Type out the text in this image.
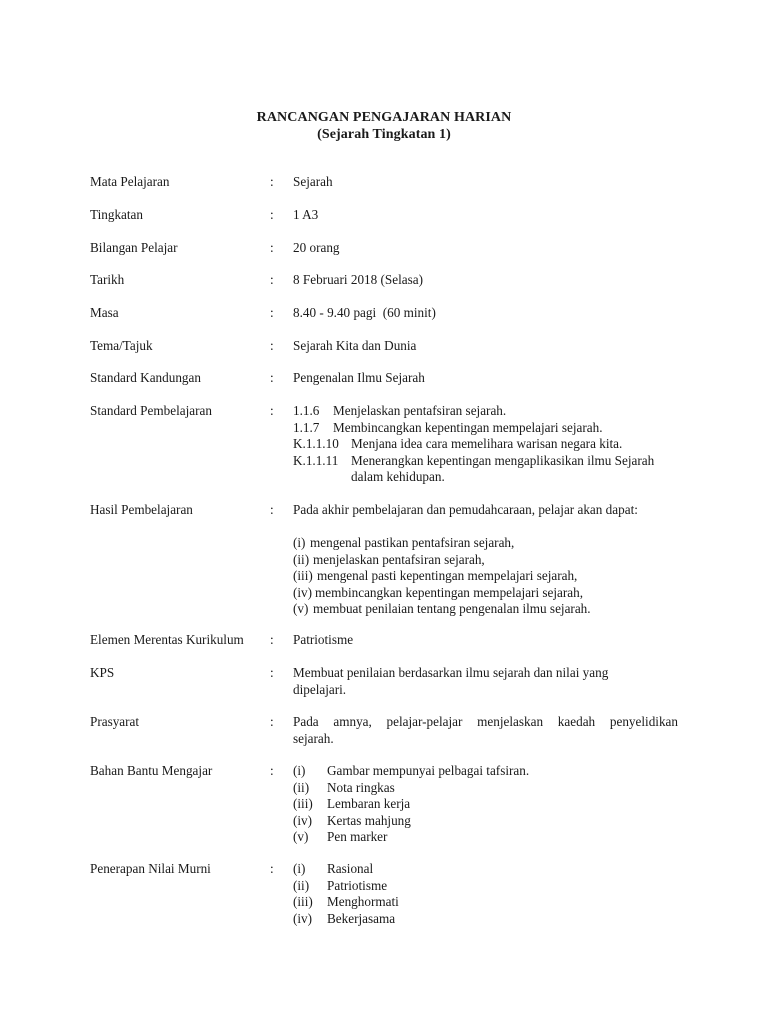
RANCANGAN PENGAJARAN HARIAN
(Sejarah Tingkatan 1)
Mata Pelajaran	: Sejarah
Tingkatan	: 1 A3
Bilangan Pelajar	: 20 orang
Tarikh	: 8 Februari 2018 (Selasa)
Masa	: 8.40 - 9.40 pagi  (60 minit)
Tema/Tajuk	: Sejarah Kita dan Dunia
Standard Kandungan	: Pengenalan Ilmu Sejarah
Standard Pembelajaran	: 1.1.6 Menjelaskan pentafsiran sejarah.
1.1.7 Membincangkan kepentingan mempelajari sejarah.
K.1.1.10 Menjana idea cara memelihara warisan negara kita.
K.1.1.11 Menerangkan kepentingan mengaplikasikan ilmu Sejarah
dalam kehidupan.
Hasil Pembelajaran	: Pada akhir pembelajaran dan pemudahcaraan, pelajar akan dapat:
(i) mengenal pastikan pentafsiran sejarah,
(ii) menjelaskan pentafsiran sejarah,
(iii) mengenal pasti kepentingan mempelajari sejarah,
(iv) membincangkan kepentingan mempelajari sejarah,
(v) membuat penilaian tentang pengenalan ilmu sejarah.
Elemen Merentas Kurikulum : Patriotisme
KPS	: Membuat penilaian berdasarkan ilmu sejarah dan nilai yang
dipelajari.
Prasyarat	: Pada amnya, pelajar-pelajar menjelaskan kaedah penyelidikan
sejarah.
Bahan Bantu Mengajar	: (i) Gambar mempunyai pelbagai tafsiran.
(ii) Nota ringkas
(iii) Lembaran kerja
(iv) Kertas mahjung
(v) Pen marker
Penerapan Nilai Murni	: (i) Rasional
(ii) Patriotisme
(iii) Menghormati
(iv) Bekerjasama
